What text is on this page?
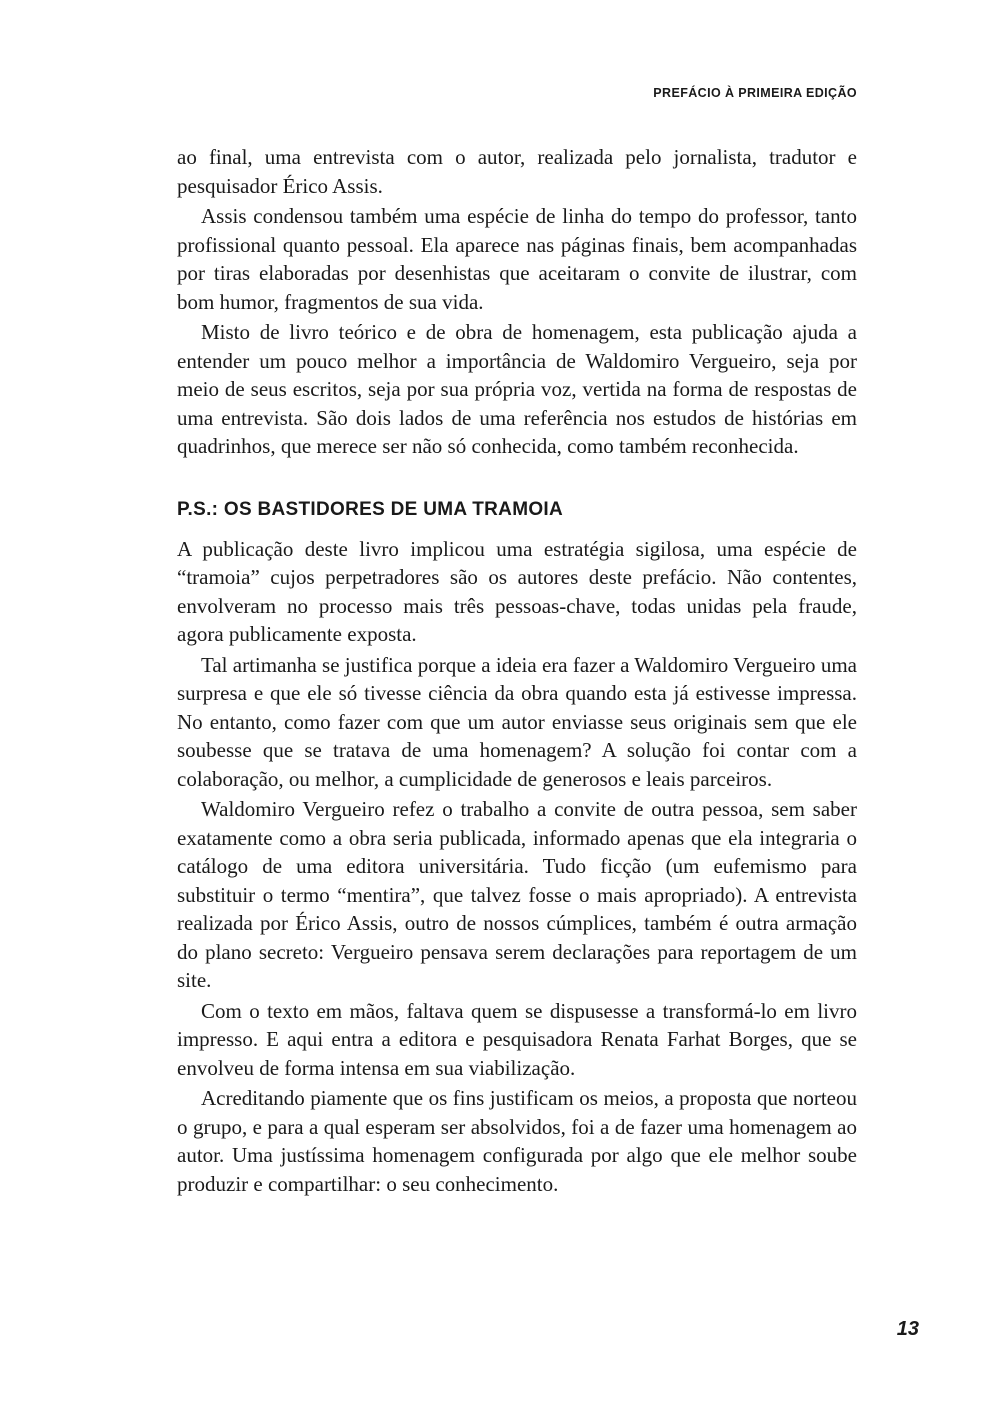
PREFÁCIO À PRIMEIRA EDIÇÃO

ao final, uma entrevista com o autor, realizada pelo jornalista, tradutor e pesquisador Érico Assis.

Assis condensou também uma espécie de linha do tempo do professor, tanto profissional quanto pessoal. Ela aparece nas páginas finais, bem acompanhadas por tiras elaboradas por desenhistas que aceitaram o convite de ilustrar, com bom humor, fragmentos de sua vida.

Misto de livro teórico e de obra de homenagem, esta publicação ajuda a entender um pouco melhor a importância de Waldomiro Vergueiro, seja por meio de seus escritos, seja por sua própria voz, vertida na forma de respostas de uma entrevista. São dois lados de uma referência nos estudos de histórias em quadrinhos, que merece ser não só conhecida, como também reconhecida.

P.S.: OS BASTIDORES DE UMA TRAMOIA

A publicação deste livro implicou uma estratégia sigilosa, uma espécie de “tramoia” cujos perpetradores são os autores deste prefácio. Não contentes, envolveram no processo mais três pessoas-chave, todas unidas pela fraude, agora publicamente exposta.

Tal artimanha se justifica porque a ideia era fazer a Waldomiro Vergueiro uma surpresa e que ele só tivesse ciência da obra quando esta já estivesse impressa. No entanto, como fazer com que um autor enviasse seus originais sem que ele soubesse que se tratava de uma homenagem? A solução foi contar com a colaboração, ou melhor, a cumplicidade de generosos e leais parceiros.

Waldomiro Vergueiro refez o trabalho a convite de outra pessoa, sem saber exatamente como a obra seria publicada, informado apenas que ela integraria o catálogo de uma editora universitária. Tudo ficção (um eufemismo para substituir o termo “mentira”, que talvez fosse o mais apropriado). A entrevista realizada por Érico Assis, outro de nossos cúmplices, também é outra armação do plano secreto: Vergueiro pensava serem declarações para reportagem de um site.

Com o texto em mãos, faltava quem se dispusesse a transformá-lo em livro impresso. E aqui entra a editora e pesquisadora Renata Farhat Borges, que se envolveu de forma intensa em sua viabilização.

Acreditando piamente que os fins justificam os meios, a proposta que norteou o grupo, e para a qual esperam ser absolvidos, foi a de fazer uma homenagem ao autor. Uma justíssima homenagem configurada por algo que ele melhor soube produzir e compartilhar: o seu conhecimento.

13
